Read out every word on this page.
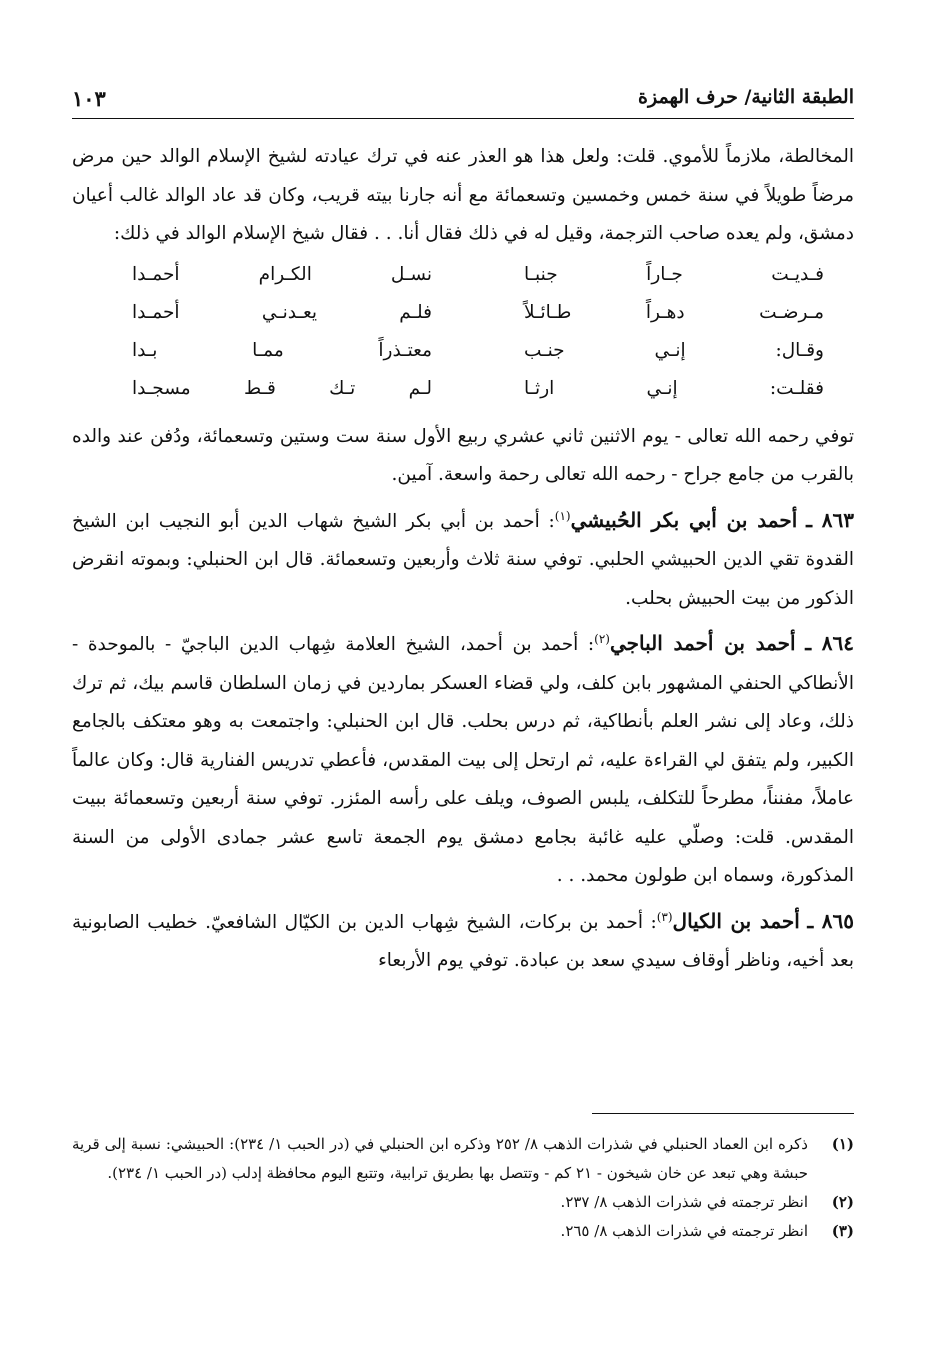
الطبقة الثانية/ حرف الهمزة
١٠٣

المخالطة، ملازماً للأموي. قلت: ولعل هذا هو العذر عنه في ترك عيادته لشيخ الإسلام الوالد حين مرض مرضاً طويلاً في سنة خمس وخمسين وتسعمائة مع أنه جارنا بيته قريب، وكان قد عاد الوالد غالب أعيان دمشق، ولم يعده صاحب الترجمة، وقيل له في ذلك فقال أنا. . . فقال شيخ الإسلام الوالد في ذلك:

فـديـت جـاراً جنبـا
نسـل الكـرام أحمـدا
مـرضـت دهـراً طـائـلاً
فلـم يعـدنـي أحمـدا
وقـال: إنـي جنـب
معتـذراً ممـا بـدا
فقلـت: إنـي ارثـا
لـم تـك قـط مسجـدا

توفي رحمه الله تعالى - يوم الاثنين ثاني عشري ربيع الأول سنة ست وستين وتسعمائة، ودُفن عند والده بالقرب من جامع جراح - رحمه الله تعالى رحمة واسعة. آمين.

٨٦٣ ـ أحمد بن أبي بكر الحُبيشي$^{(١)}$: أحمد بن أبي بكر الشيخ شهاب الدين أبو النجيب ابن الشيخ القدوة تقي الدين الحبيشي الحلبي. توفي سنة ثلاث وأربعين وتسعمائة. قال ابن الحنبلي: وبموته انقرض الذكور من بيت الحبيش بحلب.

٨٦٤ ـ أحمد بن أحمد الباجي$^{(٢)}$: أحمد بن أحمد، الشيخ العلامة شِهاب الدين الباجيّ - بالموحدة - الأنطاكي الحنفي المشهور بابن كلف، ولي قضاء العسكر بماردين في زمان السلطان قاسم بيك، ثم ترك ذلك، وعاد إلى نشر العلم بأنطاكية، ثم درس بحلب. قال ابن الحنبلي: واجتمعت به وهو معتكف بالجامع الكبير، ولم يتفق لي القراءة عليه، ثم ارتحل إلى بيت المقدس، فأعطي تدريس الفنارية قال: وكان عالماً عاملاً، مفنناً، مطرحاً للتكلف، يلبس الصوف، ويلف على رأسه المئزر. توفي سنة أربعين وتسعمائة ببيت المقدس. قلت: وصلّي عليه غائبة بجامع دمشق يوم الجمعة تاسع عشر جمادى الأولى من السنة المذكورة، وسماه ابن طولون محمد. . .

٨٦٥ ـ أحمد بن الكيال$^{(٣)}$: أحمد بن بركات، الشيخ شِهاب الدين بن الكيّال الشافعيّ. خطيب الصابونية بعد أخيه، وناظر أوقاف سيدي سعد بن عبادة. توفي يوم الأربعاء

(١)
ذكره ابن العماد الحنبلي في شذرات الذهب ٨/ ٢٥٢ وذكره ابن الحنبلي في (در الحبب ١/ ٢٣٤): الحبيشي: نسبة إلى قرية حبشة وهي تبعد عن خان شيخون - ٢١ كم - وتتصل بها بطريق ترابية، وتتبع اليوم محافظة إدلب (در الحبب ١/ ٢٣٤).

(٢)
انظر ترجمته في شذرات الذهب ٨/ ٢٣٧.

(٣)
انظر ترجمته في شذرات الذهب ٨/ ٢٦٥.
